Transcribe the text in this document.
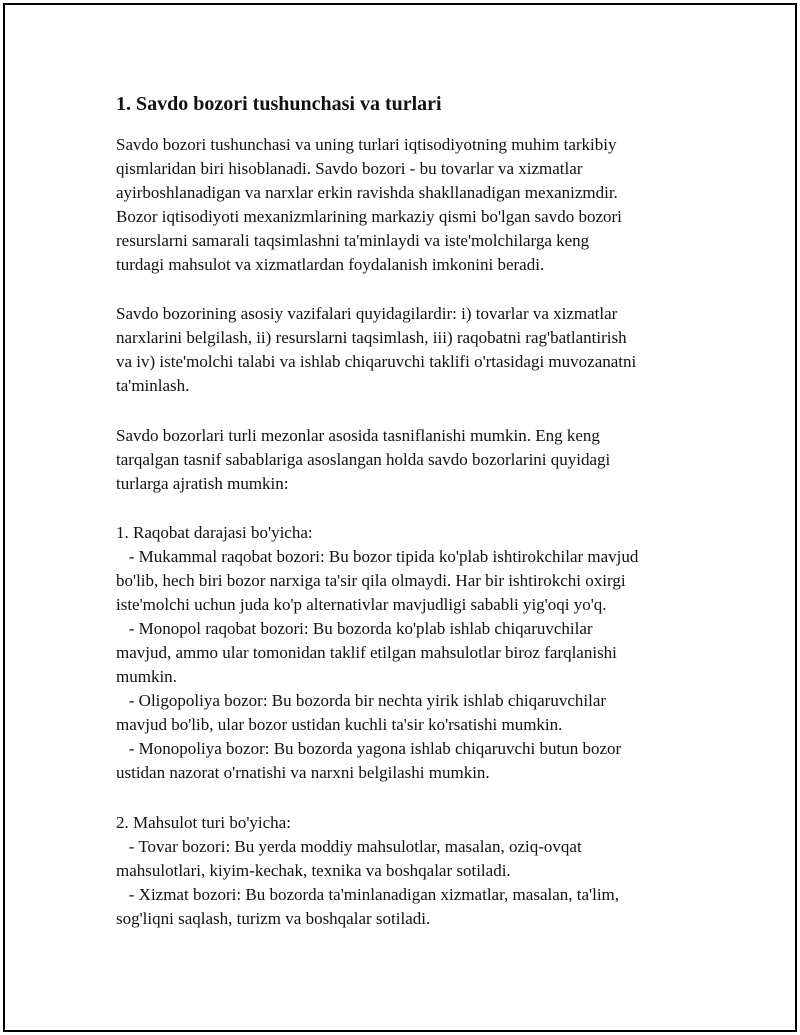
1. Savdo bozori tushunchasi va turlari
Savdo bozori tushunchasi va uning turlari iqtisodiyotning muhim tarkibiy
qismlaridan biri hisoblanadi. Savdo bozori - bu tovarlar va xizmatlar
ayirboshlanadigan va narxlar erkin ravishda shakllanadigan mexanizmdir.
Bozor iqtisodiyoti mexanizmlarining markaziy qismi bo'lgan savdo bozori
resurslarni samarali taqsimlashni ta'minlaydi va iste'molchilarga keng
turdagi mahsulot va xizmatlardan foydalanish imkonini beradi.
Savdo bozorining asosiy vazifalari quyidagilardir: i) tovarlar va xizmatlar
narxlarini belgilash, ii) resurslarni taqsimlash, iii) raqobatni rag'batlantirish
va iv) iste'molchi talabi va ishlab chiqaruvchi taklifi o'rtasidagi muvozanatni
ta'minlash.
Savdo bozorlari turli mezonlar asosida tasniflanishi mumkin. Eng keng
tarqalgan tasnif sabablariga asoslangan holda savdo bozorlarini quyidagi
turlarga ajratish mumkin:
1. Raqobat darajasi bo'yicha:
- Mukammal raqobat bozori: Bu bozor tipida ko'plab ishtirokchilar mavjud
bo'lib, hech biri bozor narxiga ta'sir qila olmaydi. Har bir ishtirokchi oxirgi
iste'molchi uchun juda ko'p alternativlar mavjudligi sababli yig'oqi yo'q.
- Monopol raqobat bozori: Bu bozorda ko'plab ishlab chiqaruvchilar
mavjud, ammo ular tomonidan taklif etilgan mahsulotlar biroz farqlanishi
mumkin.
- Oligopoliya bozor: Bu bozorda bir nechta yirik ishlab chiqaruvchilar
mavjud bo'lib, ular bozor ustidan kuchli ta'sir ko'rsatishi mumkin.
- Monopoliya bozor: Bu bozorda yagona ishlab chiqaruvchi butun bozor
ustidan nazorat o'rnatishi va narxni belgilashi mumkin.
2. Mahsulot turi bo'yicha:
- Tovar bozori: Bu yerda moddiy mahsulotlar, masalan, oziq-ovqat
mahsulotlari, kiyim-kechak, texnika va boshqalar sotiladi.
- Xizmat bozori: Bu bozorda ta'minlanadigan xizmatlar, masalan, ta'lim,
sog'liqni saqlash, turizm va boshqalar sotiladi.
